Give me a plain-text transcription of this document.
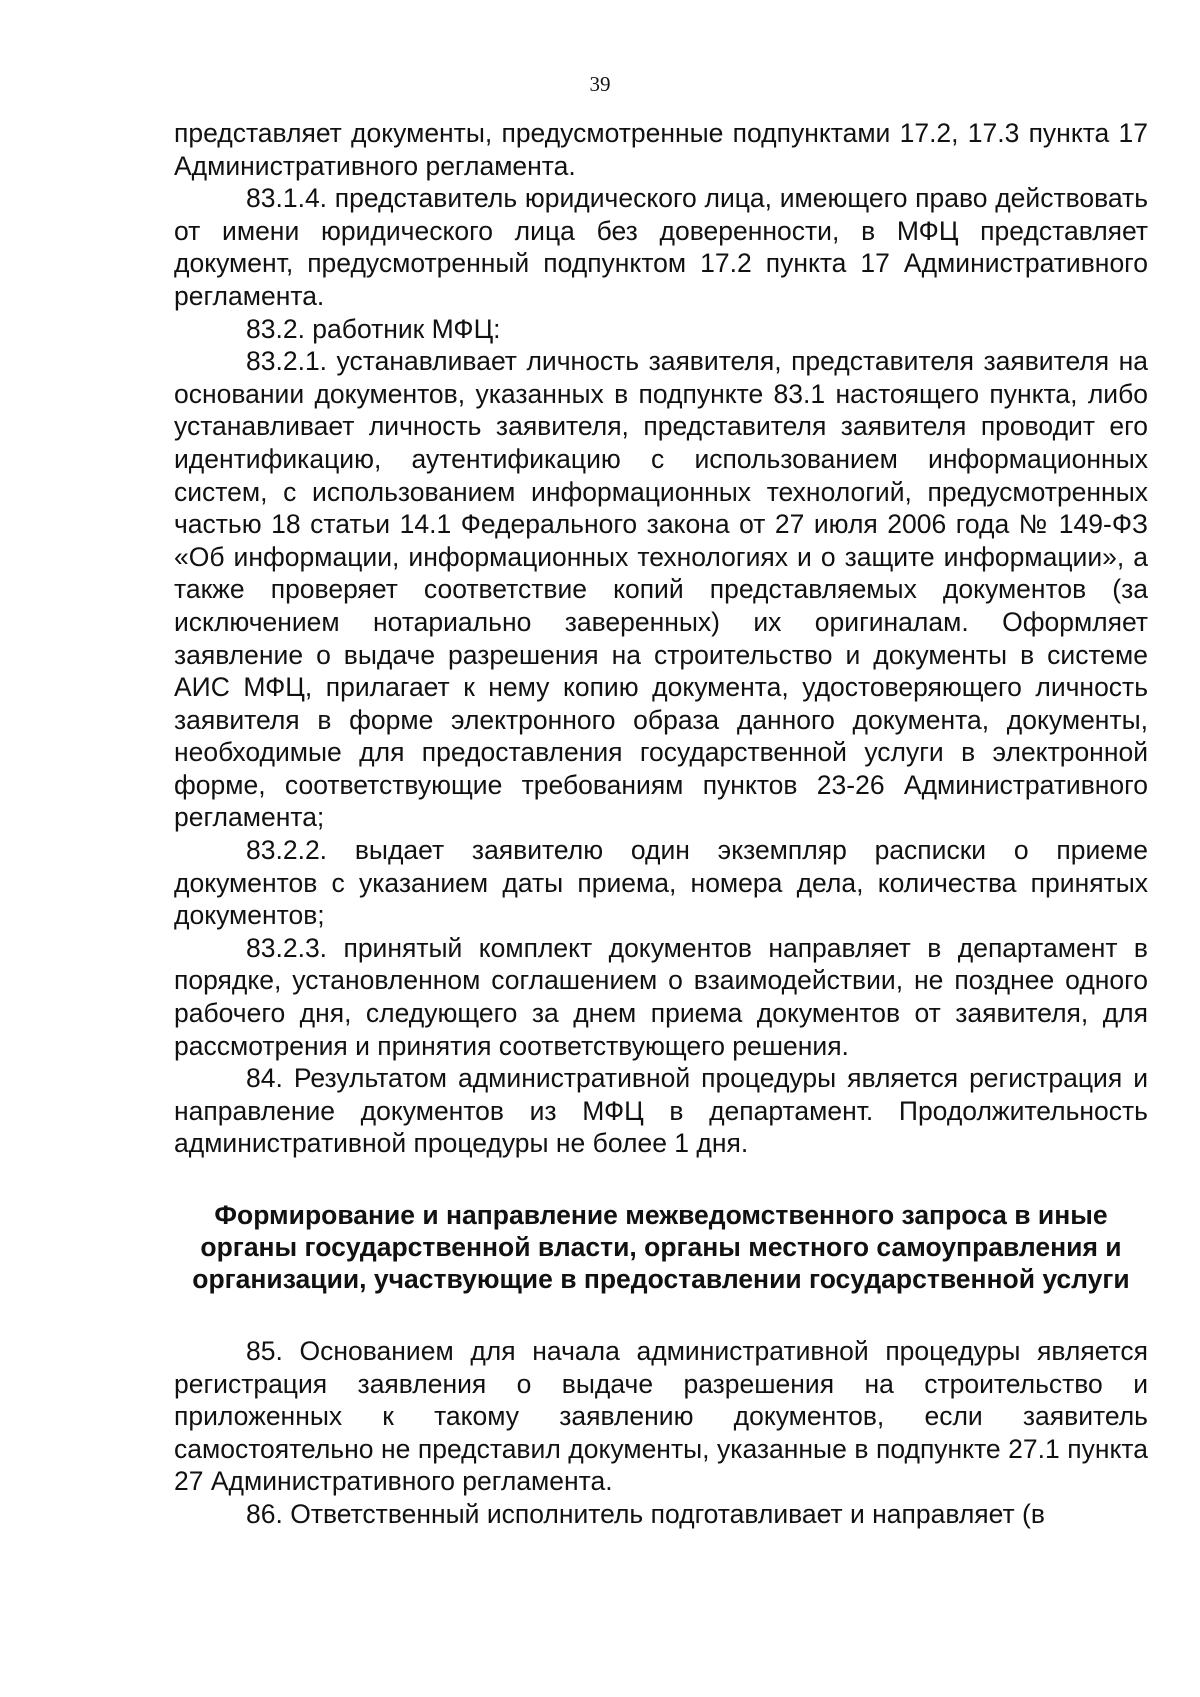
39

представляет документы, предусмотренные подпунктами 17.2, 17.3 пункта 17 Административного регламента.

83.1.4. представитель юридического лица, имеющего право действовать от имени юридического лица без доверенности, в МФЦ представляет документ, предусмотренный подпунктом 17.2 пункта 17 Административного регламента.

83.2. работник МФЦ:

83.2.1. устанавливает личность заявителя, представителя заявителя на основании документов, указанных в подпункте 83.1 настоящего пункта, либо устанавливает личность заявителя, представителя заявителя проводит его идентификацию, аутентификацию с использованием информационных систем, с использованием информационных технологий, предусмотренных частью 18 статьи 14.1 Федерального закона от 27 июля 2006 года № 149-ФЗ «Об информации, информационных технологиях и о защите информации», а также проверяет соответствие копий представляемых документов (за исключением нотариально заверенных) их оригиналам. Оформляет заявление о выдаче разрешения на строительство и документы в системе АИС МФЦ, прилагает к нему копию документа, удостоверяющего личность заявителя в форме электронного образа данного документа, документы, необходимые для предоставления государственной услуги в электронной форме, соответствующие требованиям пунктов 23-26 Административного регламента;

83.2.2. выдает заявителю один экземпляр расписки о приеме документов с указанием даты приема, номера дела, количества принятых документов;

83.2.3. принятый комплект документов направляет в департамент в порядке, установленном соглашением о взаимодействии, не позднее одного рабочего дня, следующего за днем приема документов от заявителя, для рассмотрения и принятия соответствующего решения.

84. Результатом административной процедуры является регистрация и направление документов из МФЦ в департамент. Продолжительность административной процедуры не более 1 дня.

Формирование и направление межведомственного запроса в иные органы государственной власти, органы местного самоуправления и организации, участвующие в предоставлении государственной услуги

85. Основанием для начала административной процедуры является регистрация заявления о выдаче разрешения на строительство и приложенных к такому заявлению документов, если заявитель самостоятельно не представил документы, указанные в подпункте 27.1 пункта 27 Административного регламента.

86. Ответственный исполнитель подготавливает и направляет (в
